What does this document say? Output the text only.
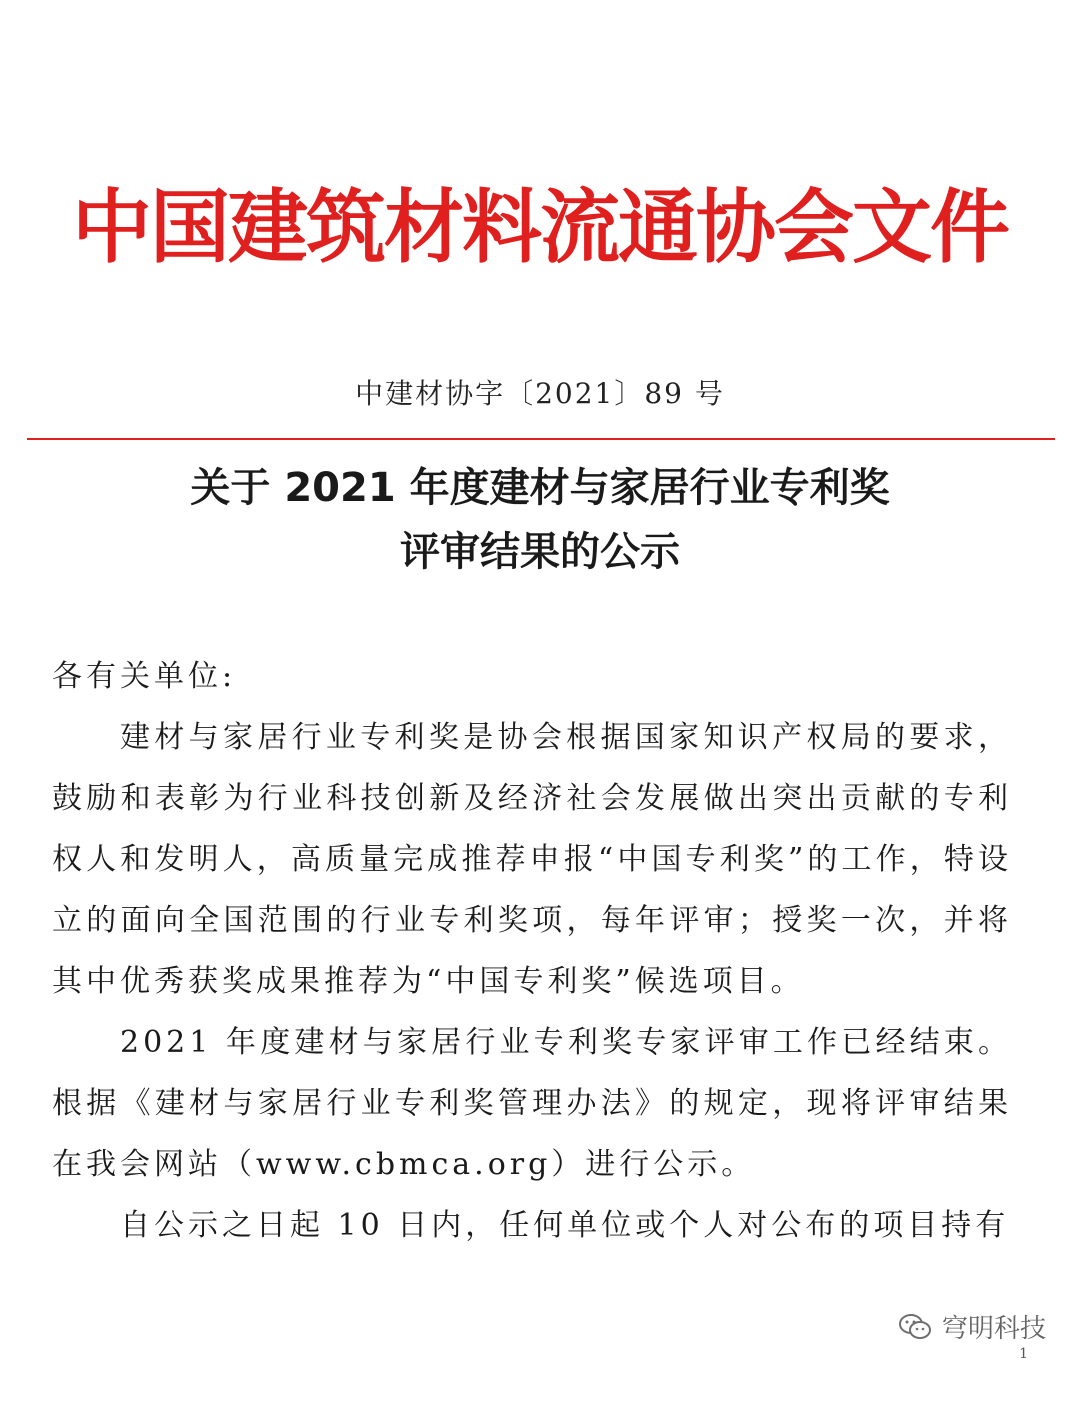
中国建筑材料流通协会文件
中建材协字〔2021〕89 号
关于 2021 年度建材与家居行业专利奖
评审结果的公示

各有关单位:

建材与家居行业专利奖是协会根据国家知识产权局的要求，鼓励和表彰为行业科技创新及经济社会发展做出突出贡献的专利权人和发明人，高质量完成推荐申报“中国专利奖”的工作，特设立的面向全国范围的行业专利奖项，每年评审；授奖一次，并将其中优秀获奖成果推荐为“中国专利奖”候选项目。

2021 年度建材与家居行业专利奖专家评审工作已经结束。根据《建材与家居行业专利奖管理办法》的规定，现将评审结果在我会网站（www.cbmca.org）进行公示。

自公示之日起 10 日内，任何单位或个人对公布的项目持有

穹明科技
1
